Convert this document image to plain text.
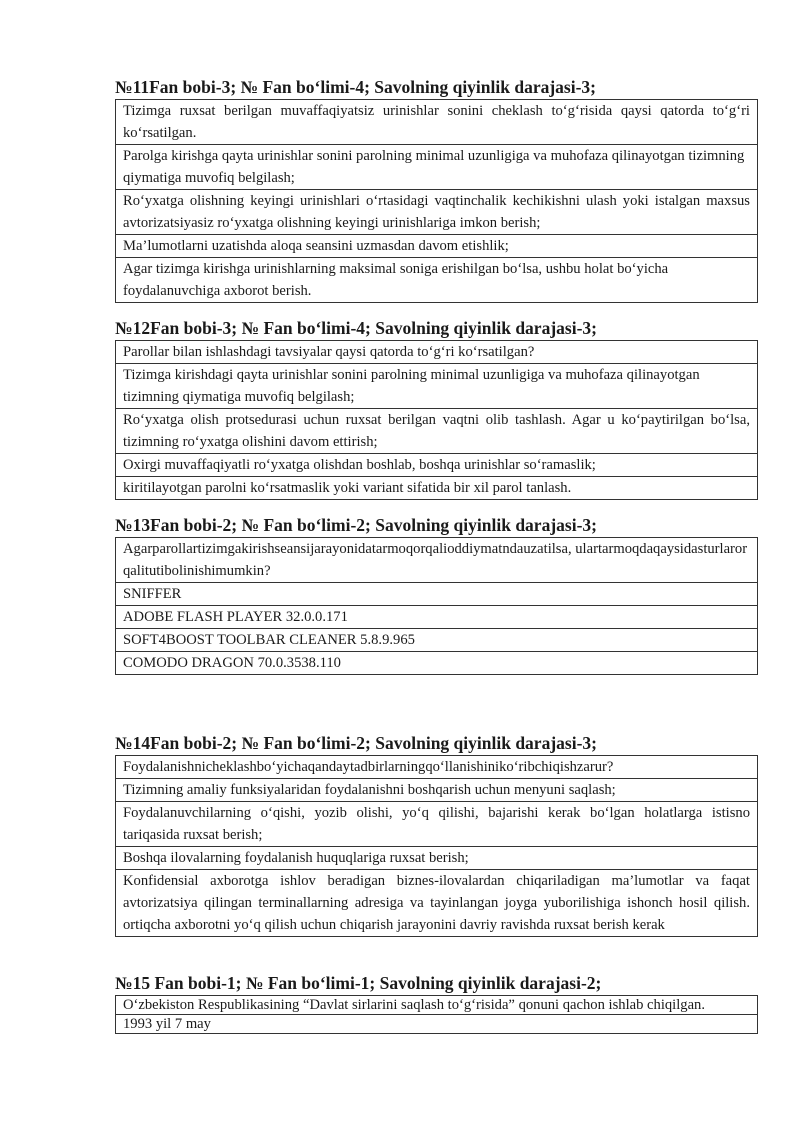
№11Fan bobi-3; № Fan bo‘limi-4; Savolning qiyinlik darajasi-3;
Tizimga ruxsat berilgan muvaffaqiyatsiz urinishlar sonini cheklash to‘g‘risida qaysi qatorda to‘g‘ri ko‘rsatilgan.
Parolga kirishga qayta urinishlar sonini parolning minimal uzunligiga va muhofaza qilinayotgan tizimning qiymatiga muvofiq belgilash;
Ro‘yxatga olishning keyingi urinishlari o‘rtasidagi vaqtinchalik kechikishni ulash yoki istalgan maxsus avtorizatsiyasiz ro‘yxatga olishning keyingi urinishlariga imkon berish;
Ma’lumotlarni uzatishda aloqa seansini uzmasdan davom etishlik;
Agar tizimga kirishga urinishlarning maksimal soniga erishilgan bo‘lsa, ushbu holat bo‘yicha foydalanuvchiga axborot berish.
№12Fan bobi-3; № Fan bo‘limi-4; Savolning qiyinlik darajasi-3;
Parollar bilan ishlashdagi tavsiyalar qaysi qatorda to‘g‘ri ko‘rsatilgan?
Tizimga kirishdagi qayta urinishlar sonini parolning minimal uzunligiga va muhofaza qilinayotgan tizimning qiymatiga muvofiq belgilash;
Ro‘yxatga olish protsedurasi uchun ruxsat berilgan vaqtni olib tashlash. Agar u ko‘paytirilgan bo‘lsa, tizimning ro‘yxatga olishini davom ettirish;
Oxirgi muvaffaqiyatli ro‘yxatga olishdan boshlab, boshqa urinishlar so‘ramaslik;
kiritilayotgan parolni ko‘rsatmaslik yoki variant sifatida bir xil parol tanlash.
№13Fan bobi-2; № Fan bo‘limi-2; Savolning qiyinlik darajasi-3;
Agarparollartizimgakirishseansijarayonidatarmoqorqalioddiymatndauzatilsa, ulartarmoqdaqaysidasturlarorqalitutibolinishimumkin?
SNIFFER
ADOBE FLASH PLAYER 32.0.0.171
SOFT4BOOST TOOLBAR CLEANER 5.8.9.965
COMODO DRAGON 70.0.3538.110
№14Fan bobi-2; № Fan bo‘limi-2; Savolning qiyinlik darajasi-3;
Foydalanishnicheklashbo‘yichaqandaytadbirlarningqo‘llanishiniko‘ribchiqishzarur?
Tizimning amaliy funksiyalaridan foydalanishni boshqarish uchun menyuni saqlash;
Foydalanuvchilarning o‘qishi, yozib olishi, yo‘q qilishi, bajarishi kerak bo‘lgan holatlarga istisno tariqasida ruxsat berish;
Boshqa ilovalarning foydalanish huquqlariga ruxsat berish;
Konfidensial axborotga ishlov beradigan biznes-ilovalardan chiqariladigan ma’lumotlar va faqat avtorizatsiya qilingan terminallarning adresiga va tayinlangan joyga yuborilishiga ishonch hosil qilish. ortiqcha axborotni yo‘q qilish uchun chiqarish jarayonini davriy ravishda ruxsat berish kerak
№15 Fan bobi-1; № Fan bo‘limi-1; Savolning qiyinlik darajasi-2;
O‘zbekiston Respublikasining “Davlat sirlarini saqlash to‘g‘risida” qonuni qachon ishlab chiqilgan.
1993 yil 7 may
